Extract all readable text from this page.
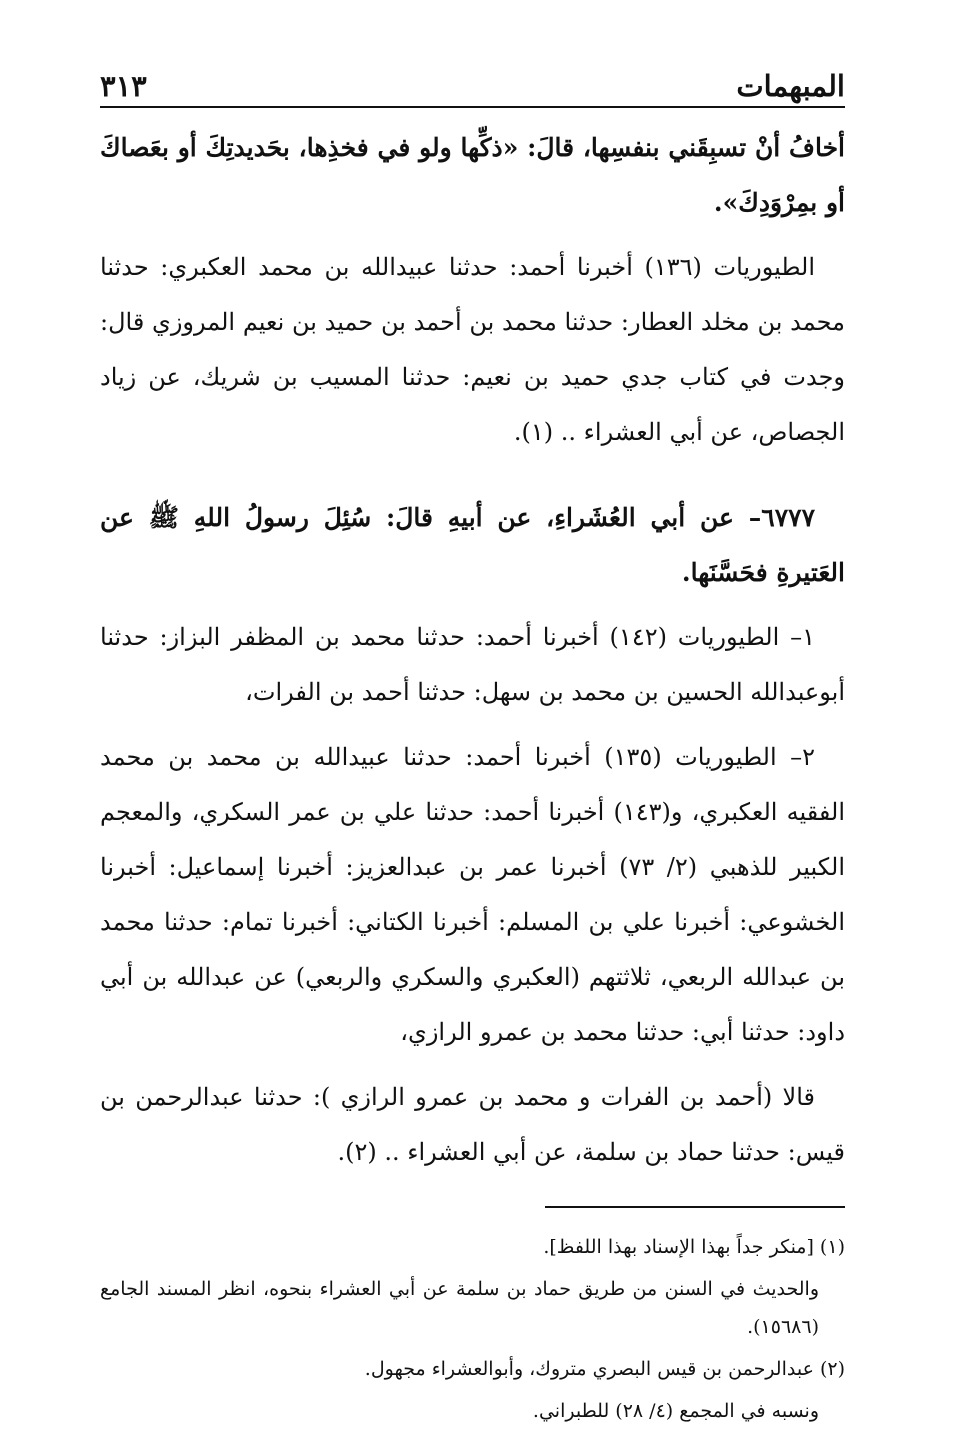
المبهمات
٣١٣

أخافُ أنْ تسبِقَني بنفسِها، قالَ: «ذكِّها ولو في فخذِها، بحَديدتِكَ أو بعَصاكَ أو بمِرْوَدِكَ».

الطيوريات (١٣٦) أخبرنا أحمد: حدثنا عبيدالله بن محمد العكبري: حدثنا محمد بن مخلد العطار: حدثنا محمد بن أحمد بن حميد بن نعيم المروزي قال: وجدت في كتاب جدي حميد بن نعيم: حدثنا المسيب بن شريك، عن زياد الجصاص، عن أبي العشراء .. (١).

٦٧٧٧– عن أبي العُشَراءِ، عن أبيهِ قالَ: سُئِلَ رسولُ اللهِ ﷺ عن العَتيرةِ فحَسَّنَها.

١– الطيوريات (١٤٢) أخبرنا أحمد: حدثنا محمد بن المظفر البزاز: حدثنا أبوعبدالله الحسين بن محمد بن سهل: حدثنا أحمد بن الفرات،

٢– الطيوريات (١٣٥) أخبرنا أحمد: حدثنا عبيدالله بن محمد بن محمد الفقيه العكبري، و(١٤٣) أخبرنا أحمد: حدثنا علي بن عمر السكري، والمعجم الكبير للذهبي (٢/ ٧٣) أخبرنا عمر بن عبدالعزيز: أخبرنا إسماعيل: أخبرنا الخشوعي: أخبرنا علي بن المسلم: أخبرنا الكتاني: أخبرنا تمام: حدثنا محمد بن عبدالله الربعي، ثلاثتهم (العكبري والسكري والربعي) عن عبدالله بن أبي داود: حدثنا أبي: حدثنا محمد بن عمرو الرازي،

قالا (أحمد بن الفرات و محمد بن عمرو الرازي ): حدثنا عبدالرحمن بن قيس: حدثنا حماد بن سلمة، عن أبي العشراء .. (٢).

(١) [منكر جداً بهذا الإسناد بهذا اللفظ].

والحديث في السنن من طريق حماد بن سلمة عن أبي العشراء بنحوه، انظر المسند الجامع (١٥٦٨٦).

(٢) عبدالرحمن بن قيس البصري متروك، وأبوالعشراء مجهول.

ونسبه في المجمع (٤/ ٢٨) للطبراني.
